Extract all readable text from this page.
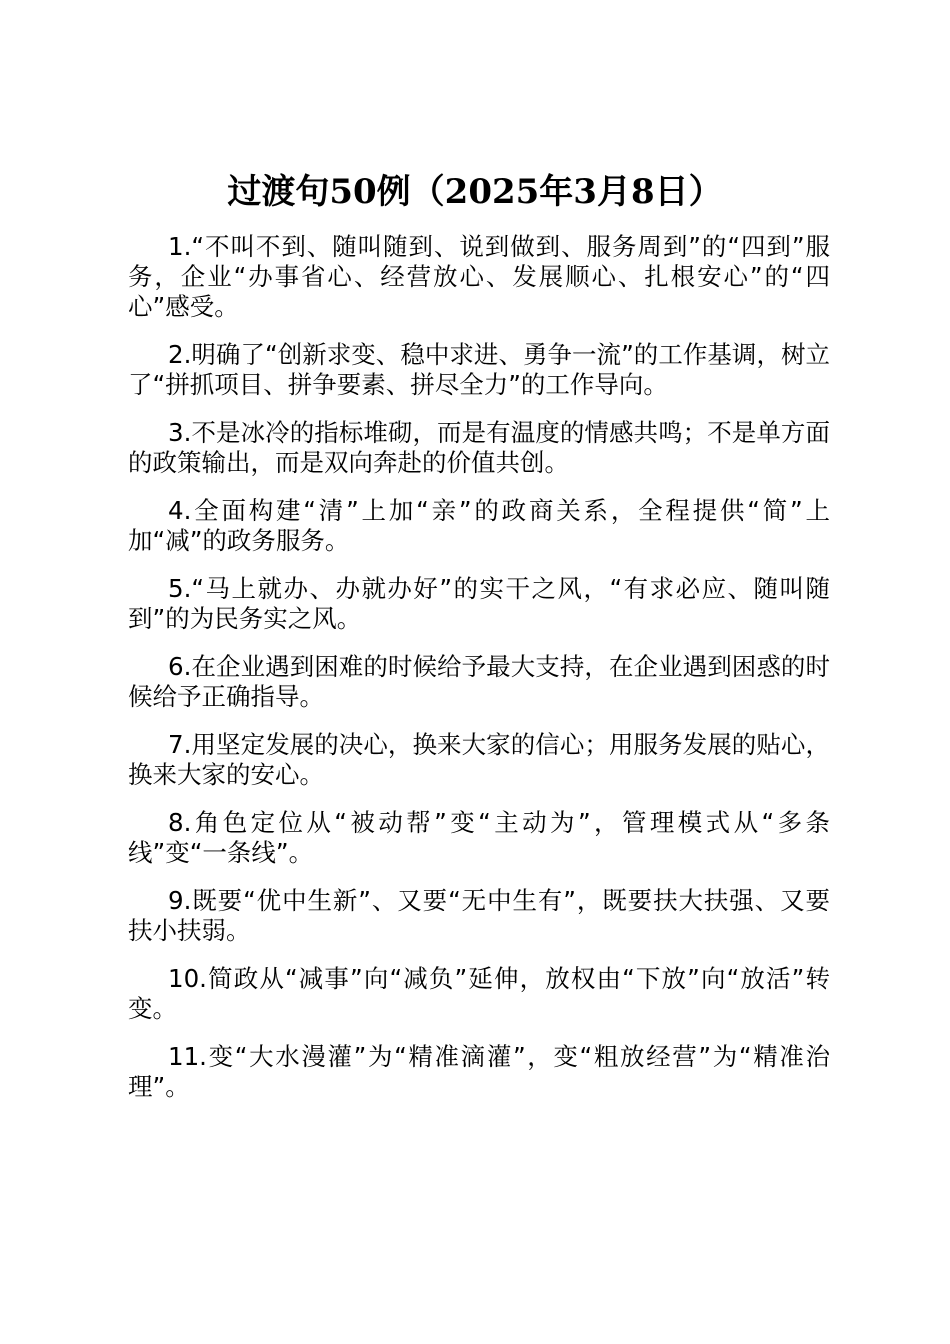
过渡句50例（2025年3月8日）

1.“不叫不到、随叫随到、说到做到、服务周到”的“四到”服务，企业“办事省心、经营放心、发展顺心、扎根安心”的“四心”感受。

2.明确了“创新求变、稳中求进、勇争一流”的工作基调，树立了“拼抓项目、拼争要素、拼尽全力”的工作导向。

3.不是冰冷的指标堆砌，而是有温度的情感共鸣；不是单方面的政策输出，而是双向奔赴的价值共创。

4.全面构建“清”上加“亲”的政商关系，全程提供“简”上加“减”的政务服务。

5.“马上就办、办就办好”的实干之风，“有求必应、随叫随到”的为民务实之风。

6.在企业遇到困难的时候给予最大支持，在企业遇到困惑的时候给予正确指导。

7.用坚定发展的决心，换来大家的信心；用服务发展的贴心，换来大家的安心。

8.角色定位从“被动帮”变“主动为”，管理模式从“多条线”变“一条线”。

9.既要“优中生新”、又要“无中生有”，既要扶大扶强、又要扶小扶弱。

10.简政从“减事”向“减负”延伸，放权由“下放”向“放活”转变。

11.变“大水漫灌”为“精准滴灌”，变“粗放经营”为“精准治理”。
